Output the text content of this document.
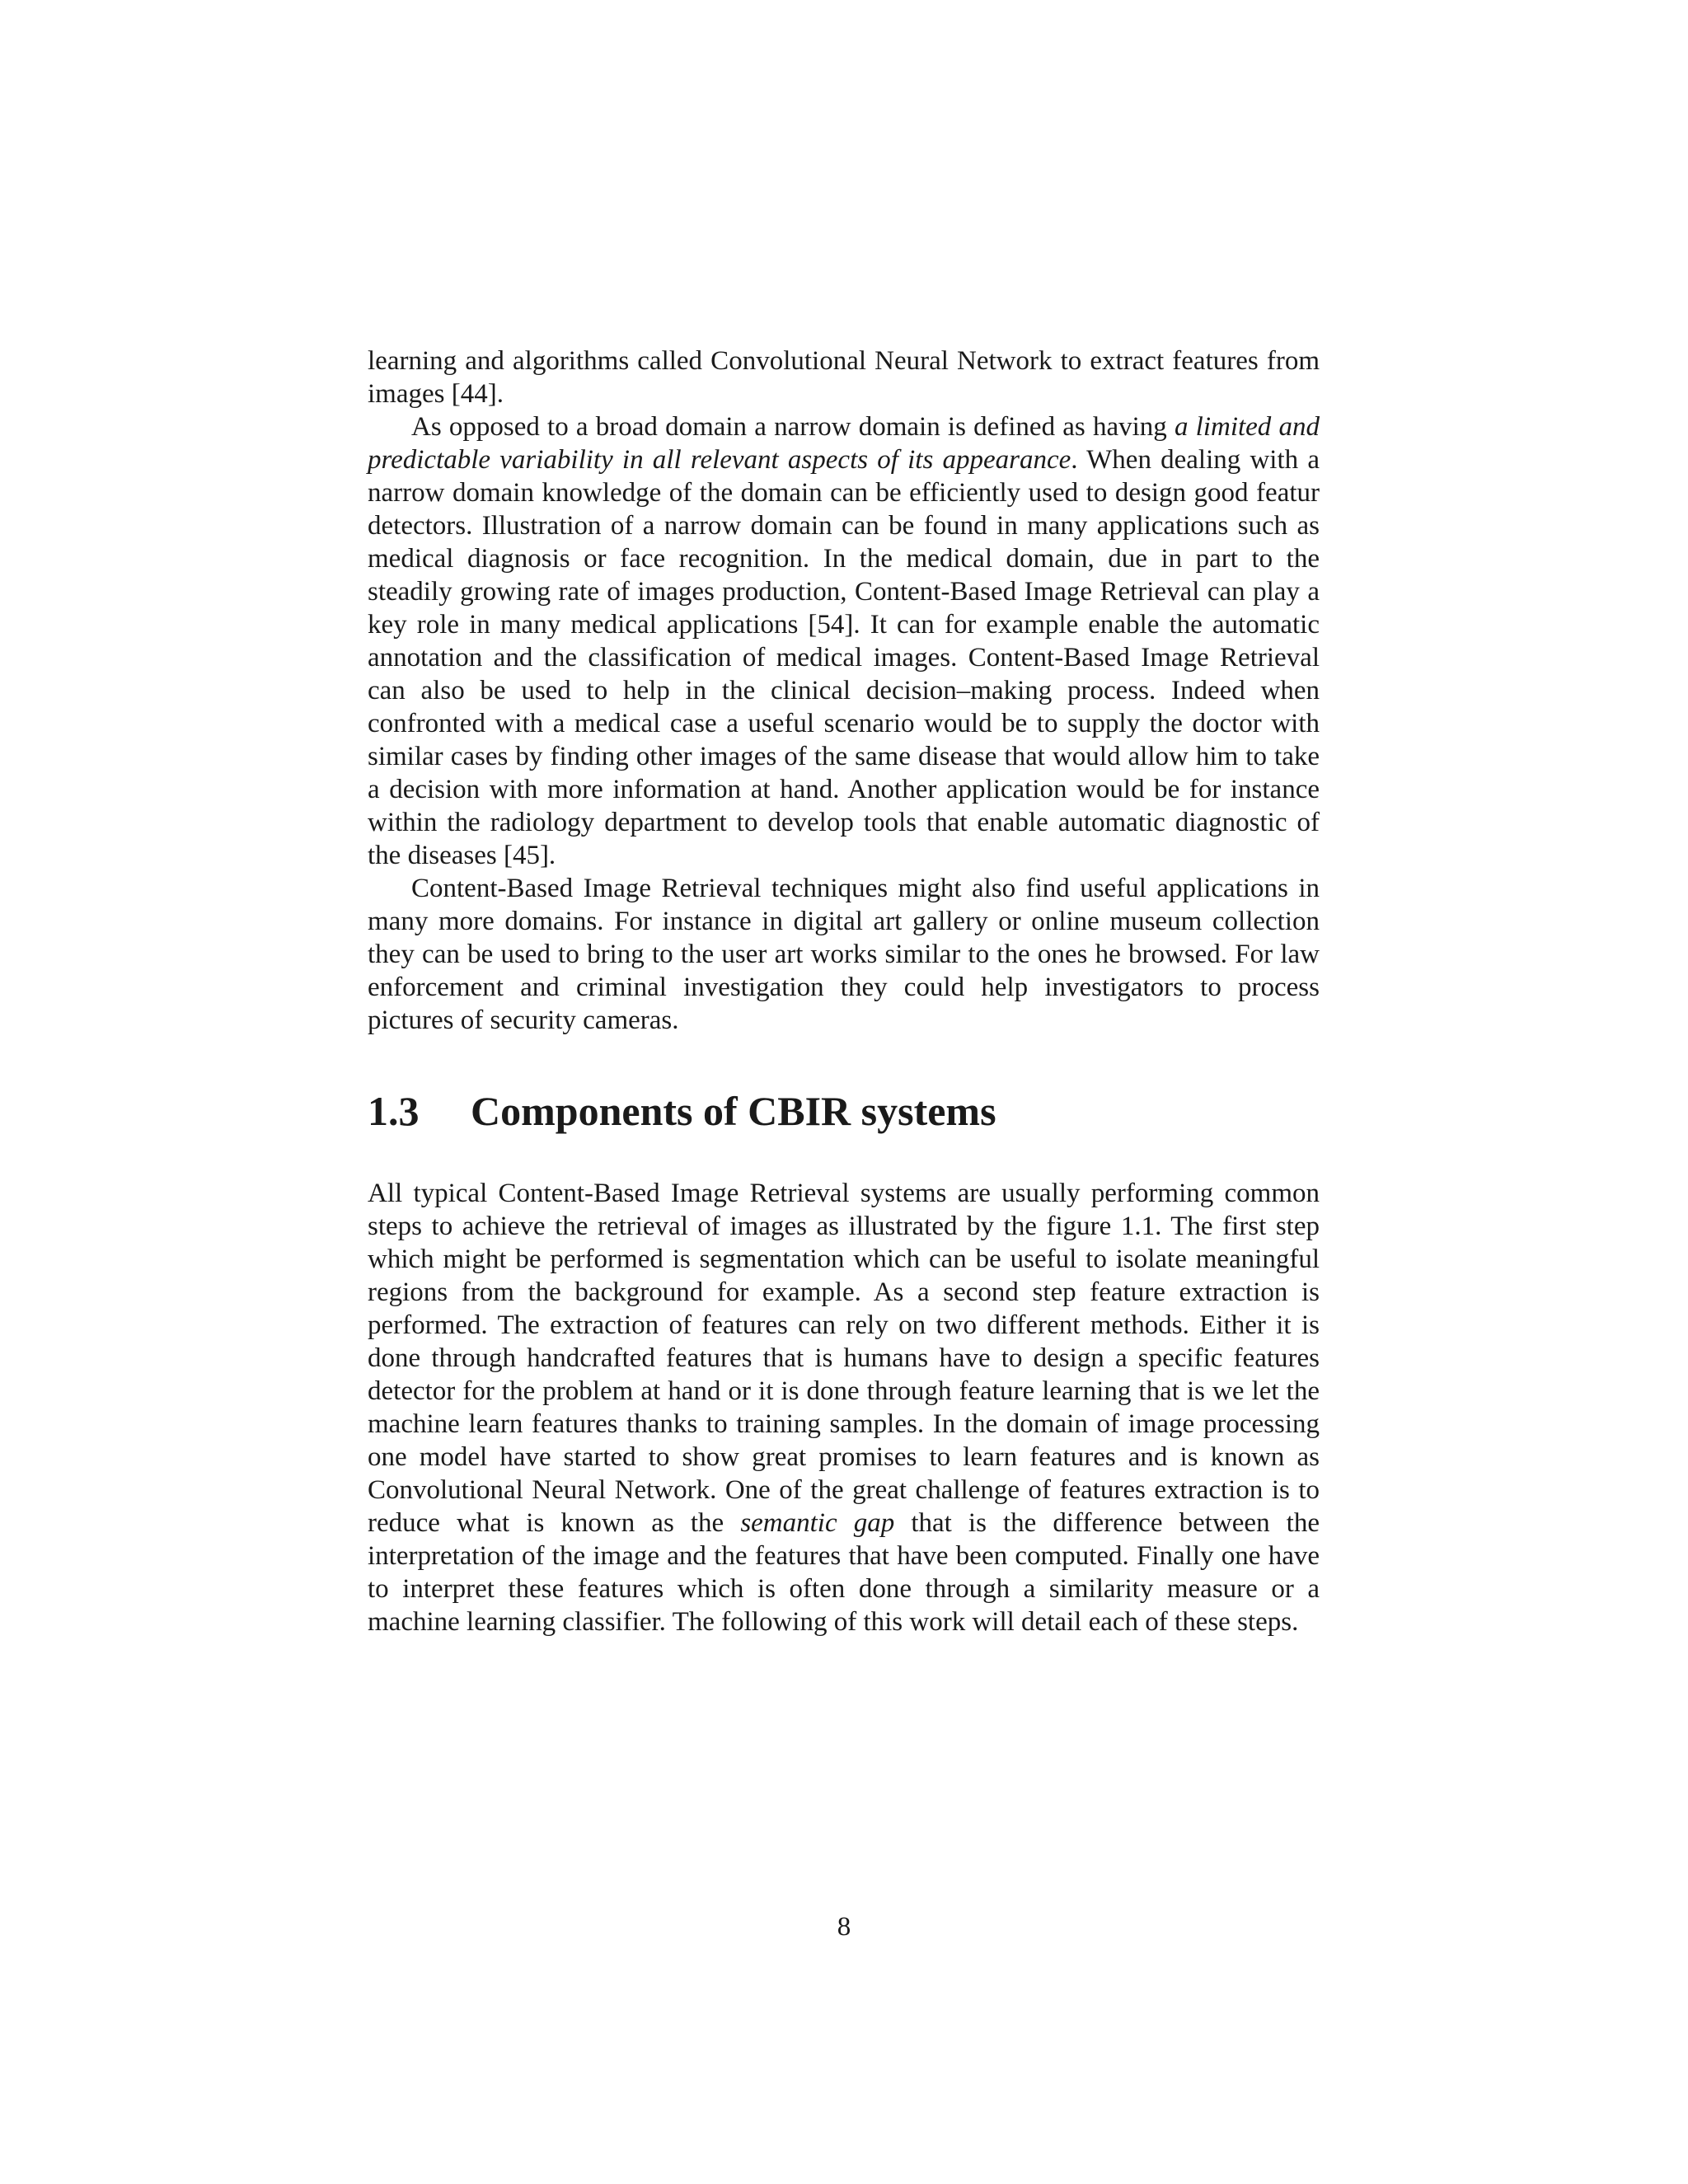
learning and algorithms called Convolutional Neural Network to extract features from images [44].

As opposed to a broad domain a narrow domain is defined as having a limited and predictable variability in all relevant aspects of its appearance. When dealing with a narrow domain knowledge of the domain can be efficiently used to design good featur detectors. Illustration of a narrow domain can be found in many applications such as medical diagnosis or face recognition. In the medical domain, due in part to the steadily growing rate of images production, Content-Based Image Retrieval can play a key role in many medical applications [54]. It can for example enable the automatic annotation and the classification of medical images. Content-Based Image Retrieval can also be used to help in the clinical decision–making process. Indeed when confronted with a medical case a useful scenario would be to supply the doctor with similar cases by finding other images of the same disease that would allow him to take a decision with more information at hand. Another application would be for instance within the radiology department to develop tools that enable automatic diagnostic of the diseases [45].

Content-Based Image Retrieval techniques might also find useful applications in many more domains. For instance in digital art gallery or online museum collection they can be used to bring to the user art works similar to the ones he browsed. For law enforcement and criminal investigation they could help investigators to process pictures of security cameras.

1.3	Components of CBIR systems

All typical Content-Based Image Retrieval systems are usually performing common steps to achieve the retrieval of images as illustrated by the figure 1.1. The first step which might be performed is segmentation which can be useful to isolate meaningful regions from the background for example. As a second step feature extraction is performed. The extraction of features can rely on two different methods. Either it is done through handcrafted features that is humans have to design a specific features detector for the problem at hand or it is done through feature learning that is we let the machine learn features thanks to training samples. In the domain of image processing one model have started to show great promises to learn features and is known as Convolutional Neural Network. One of the great challenge of features extraction is to reduce what is known as the semantic gap that is the difference between the interpretation of the image and the features that have been computed. Finally one have to interpret these features which is often done through a similarity measure or a machine learning classifier. The following of this work will detail each of these steps.

8
